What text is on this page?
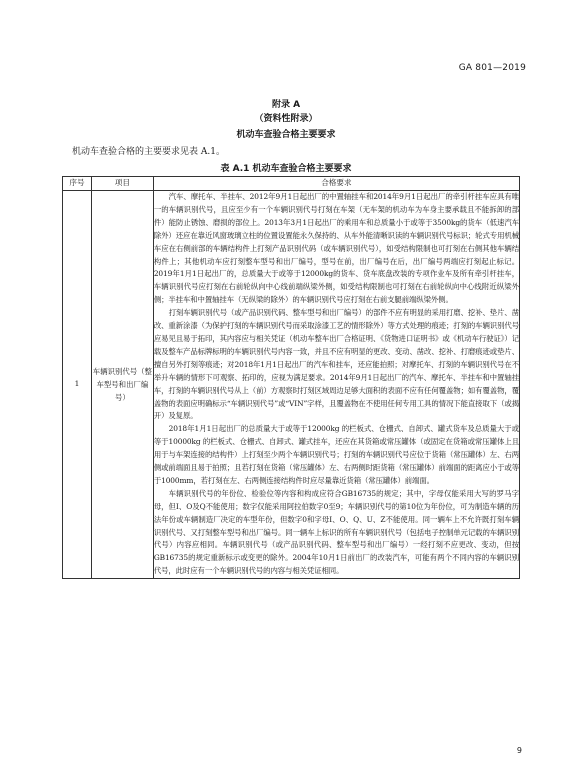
GA 801—2019
附录 A
（资料性附录）
机动车查验合格主要要求
机动车查验合格的主要要求见表 A.1。
表 A.1 机动车查验合格主要要求
序号	项目	合格要求
1	车辆识别代号（整车型号和出厂编号）	汽车、摩托车、半挂车、2012年9月1日起出厂的中置轴挂车和2014年9月1日起出厂的牵引杆挂车应具有唯一的车辆识别代号，且应至少有一个车辆识别代号打刻在车架（无车架的机动车为车身主要承载且不能拆卸的部件）能防止锈蚀、磨损的部位上。2013年3月1日起出厂的乘用车和总质量小于或等于3500kg的货车（低速汽车除外）还应在靠近风窗玻璃立柱的位置设置能永久保持的、从车外能清晰识读的车辆识别代号标识；轮式专用机械车应在右侧前部的车辆结构件上打刻产品识别代码（或车辆识别代号），如受结构限制也可打刻在右侧其他车辆结构件上；其他机动车应打刻整车型号和出厂编号，型号在前，出厂编号在后，出厂编号两端应打刻起止标记。2019年1月1日起出厂的，总质量大于或等于12000kg的货车、货车底盘改装的专项作业车及所有牵引杆挂车，车辆识别代号应打刻在右前轮纵向中心线前端纵梁外侧，如受结构限制也可打刻在右前轮纵向中心线附近纵梁外侧；半挂车和中置轴挂车（无纵梁的除外）的车辆识别代号应打刻在右前支腿前端纵梁外侧。

打刻车辆识别代号（或产品识别代码、整车型号和出厂编号）的部件不应有明显的采用打磨、挖补、垫片、凿改、重新涂漆（为保护打刻的车辆识别代号而采取涂漆工艺的情形除外）等方式处理的痕迹；打刻的车辆识别代号应易见且易于拓印，其内容应与相关凭证（机动车整车出厂合格证明、《货物进口证明书》或《机动车行驶证》）记载及整车产品标牌标明的车辆识别代号内容一致，并且不应有明显的更改、变动、凿改、挖补、打磨痕迹或垫片、擅自另外打刻等痕迹；对2018年1月1日起出厂的汽车和挂车，还应能拍照；对摩托车、打刻的车辆识别代号在不举升车辆的情形下可观察、拓印的，应视为满足要求。2014年9月1日起出厂的汽车、摩托车、半挂车和中置轴挂车，打刻的车辆识别代号从上（前）方观察时打刻区域周边足够大面积的表面不应有任何覆盖物；如有覆盖物，覆盖物的表面应明确标示“车辆识别代号”或“VIN”字样，且覆盖物在不使用任何专用工具的情况下能直接取下（或揭开）及复原。

2018年1月1日起出厂的总质量大于或等于12000kg 的栏板式、仓栅式、自卸式、罐式货车及总质量大于或等于10000kg 的栏板式、仓栅式、自卸式、罐式挂车，还应在其货箱或常压罐体（或固定在货箱或常压罐体上且用于与车架连接的结构件）上打刻至少两个车辆识别代号；打刻的车辆识别代号应位于货箱（常压罐体）左、右两侧或前端面且易于拍照；且若打刻在货箱（常压罐体）左、右两侧时距货箱（常压罐体）前端面的距离应小于或等于1000mm，若打刻在左、右两侧连接结构件时应尽量靠近货箱（常压罐体）前端面。

车辆识别代号的年份位、检验位等内容和构成应符合GB16735的规定；其中，字母仅能采用大写的罗马字母，但I、O及Q不能使用；数字仅能采用阿拉伯数字0至9；车辆识别代号的第10位为年份位，可为制造车辆的历法年份或车辆制造厂决定的车型年份，但数字0和字母I、O、Q、U、Z不能使用。同一辆车上不允许既打刻车辆识别代号、又打刻整车型号和出厂编号。同一辆车上标识的所有车辆识别代号（包括电子控制单元记载的车辆识别代号）内容应相同。车辆识别代号（或产品识别代码、整车型号和出厂编号）一经打刻不应更改、变动，但按GB16735的规定重新标示或变更的除外。2004年10月1日前出厂的改装汽车，可能有两个不同内容的车辆识别代号，此时应有一个车辆识别代号的内容与相关凭证相同。

9
